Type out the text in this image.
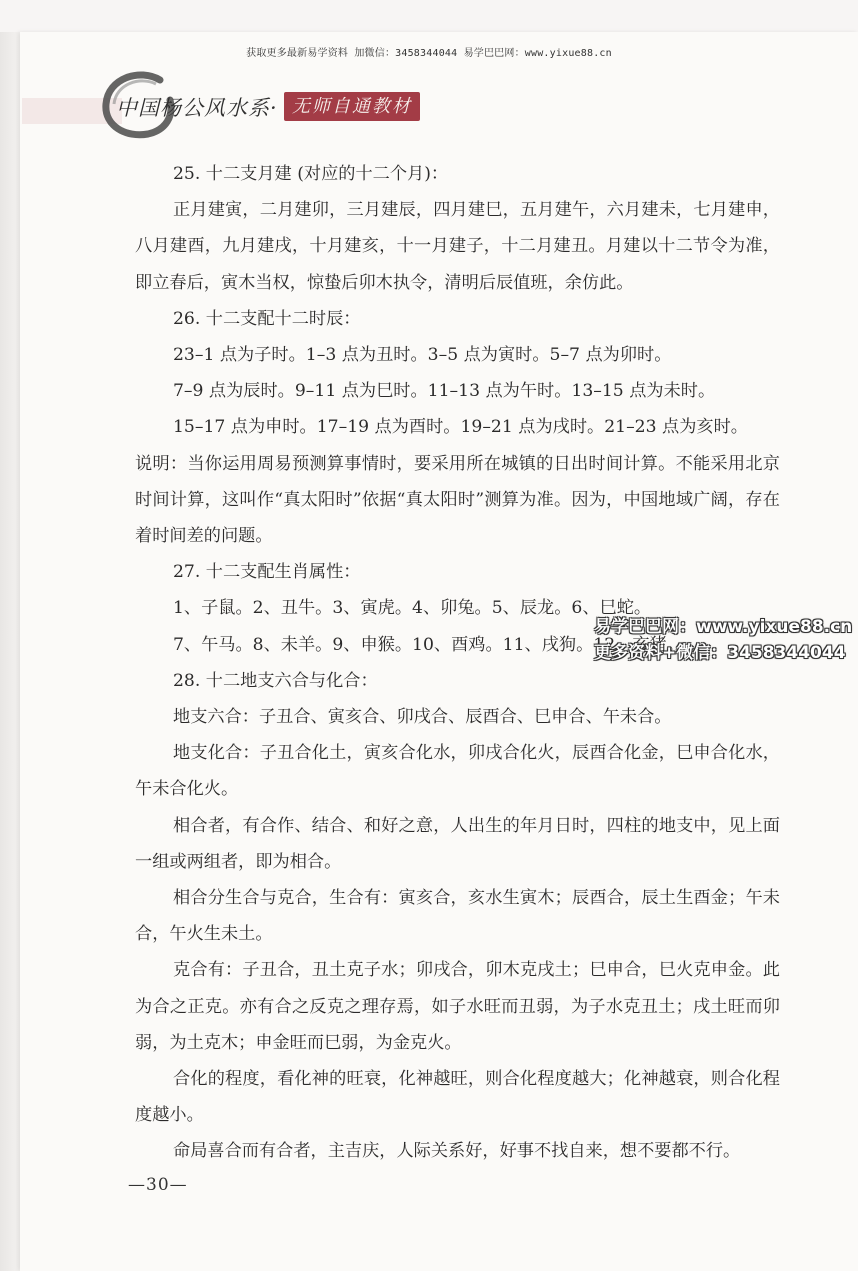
获取更多最新易学资料 加微信：3458344044 易学巴巴网：www.yixue88.cn
中国杨公风水系· 无师自通教材

25. 十二支月建 (对应的十二个月)：

正月建寅，二月建卯，三月建辰，四月建巳，五月建午，六月建未，七月建申，八月建酉，九月建戌，十月建亥，十一月建子，十二月建丑。月建以十二节令为准，即立春后，寅木当权，惊蛰后卯木执令，清明后辰值班，余仿此。

26. 十二支配十二时辰：

23–1 点为子时。1–3 点为丑时。3–5 点为寅时。5–7 点为卯时。

7–9 点为辰时。9–11 点为巳时。11–13 点为午时。13–15 点为未时。

15–17 点为申时。17–19 点为酉时。19–21 点为戌时。21–23 点为亥时。

说明：当你运用周易预测算事情时，要采用所在城镇的日出时间计算。不能采用北京时间计算，这叫作“真太阳时”依据“真太阳时”测算为准。因为，中国地域广阔，存在着时间差的问题。

27. 十二支配生肖属性：

1、子鼠。2、丑牛。3、寅虎。4、卯兔。5、辰龙。6、巳蛇。

7、午马。8、未羊。9、申猴。10、酉鸡。11、戌狗。12、亥猪。

28. 十二地支六合与化合：

地支六合：子丑合、寅亥合、卯戌合、辰酉合、巳申合、午未合。

地支化合：子丑合化土，寅亥合化水，卯戌合化火，辰酉合化金，巳申合化水，午未合化火。

相合者，有合作、结合、和好之意，人出生的年月日时，四柱的地支中，见上面一组或两组者，即为相合。

相合分生合与克合，生合有：寅亥合，亥水生寅木；辰酉合，辰土生酉金；午未合，午火生未土。

克合有：子丑合，丑土克子水；卯戌合，卯木克戌土；巳申合，巳火克申金。此为合之正克。亦有合之反克之理存焉，如子水旺而丑弱，为子水克丑土；戌土旺而卯弱，为土克木；申金旺而巳弱，为金克火。

合化的程度，看化神的旺衰，化神越旺，则合化程度越大；化神越衰，则合化程度越小。

命局喜合而有合者，主吉庆，人际关系好，好事不找自来，想不要都不行。

易学巴巴网：www.yixue88.cn
更多资料+微信：3458344044
—30—
